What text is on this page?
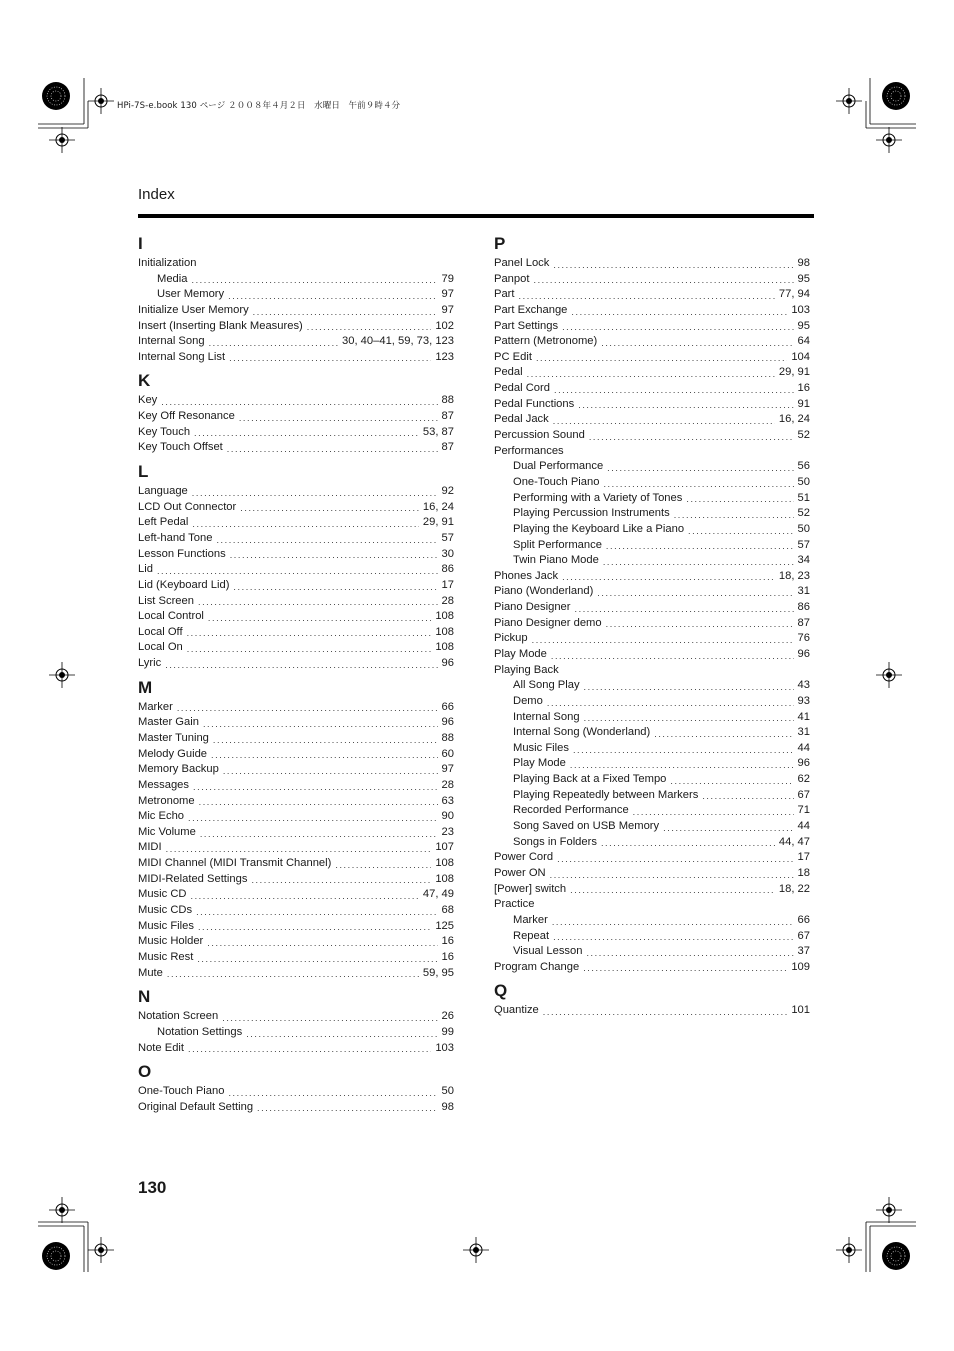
HPi-7S-e.book 130 ページ ２００８年４月２日　水曜日　午前９時４分
Index
I
Initialization
Media .....	79
User Memory .....	97
Initialize User Memory .....	97
Insert (Inserting Blank Measures) .....	102
Internal Song .....	30, 40–41, 59, 73, 123
Internal Song List .....	123
K
Key .....	88
Key Off Resonance .....	87
Key Touch .....	53, 87
Key Touch Offset .....	87
L
Language .....	92
LCD Out Connector .....	16, 24
Left Pedal .....	29, 91
Left-hand Tone .....	57
Lesson Functions .....	30
Lid .....	86
Lid (Keyboard Lid) .....	17
List Screen .....	28
Local Control .....	108
Local Off .....	108
Local On .....	108
Lyric .....	96
M
Marker .....	66
Master Gain .....	96
Master Tuning .....	88
Melody Guide .....	60
Memory Backup .....	97
Messages .....	28
Metronome .....	63
Mic Echo .....	90
Mic Volume .....	23
MIDI .....	107
MIDI Channel (MIDI Transmit Channel) .....	108
MIDI-Related Settings .....	108
Music CD .....	47, 49
Music CDs .....	68
Music Files .....	125
Music Holder .....	16
Music Rest .....	16
Mute .....	59, 95
N
Notation Screen .....	26
Notation Settings .....	99
Note Edit .....	103
O
One-Touch Piano .....	50
Original Default Setting .....	98
P
Panel Lock .....	98
Panpot .....	95
Part .....	77, 94
Part Exchange .....	103
Part Settings .....	95
Pattern (Metronome) .....	64
PC Edit .....	104
Pedal .....	29, 91
Pedal Cord .....	16
Pedal Functions .....	91
Pedal Jack .....	16, 24
Percussion Sound .....	52
Performances
Dual Performance .....	56
One-Touch Piano .....	50
Performing with a Variety of Tones .....	51
Playing Percussion Instruments .....	52
Playing the Keyboard Like a Piano .....	50
Split Performance .....	57
Twin Piano Mode .....	34
Phones Jack .....	18, 23
Piano (Wonderland) .....	31
Piano Designer .....	86
Piano Designer demo .....	87
Pickup .....	76
Play Mode .....	96
Playing Back
All Song Play .....	43
Demo .....	93
Internal Song .....	41
Internal Song (Wonderland) .....	31
Music Files .....	44
Play Mode .....	96
Playing Back at a Fixed Tempo .....	62
Playing Repeatedly between Markers .....	67
Recorded Performance .....	71
Song Saved on USB Memory .....	44
Songs in Folders .....	44, 47
Power Cord .....	17
Power ON .....	18
[Power] switch .....	18, 22
Practice
Marker .....	66
Repeat .....	67
Visual Lesson .....	37
Program Change .....	109
Q
Quantize .....	101
130
